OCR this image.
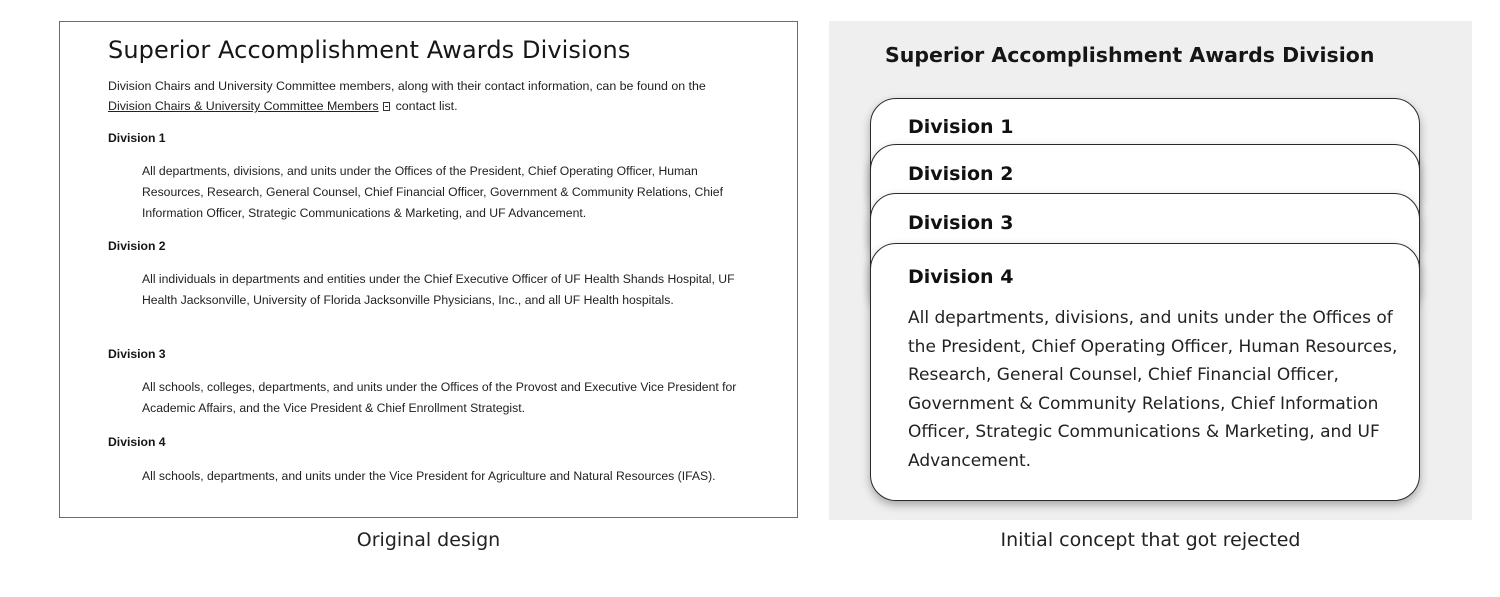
Superior Accomplishment Awards Divisions

Division Chairs and University Committee members, along with their contact information, can be found on the Division Chairs & University Committee Members contact list.

Division 1

All departments, divisions, and units under the Offices of the President, Chief Operating Officer, Human Resources, Research, General Counsel, Chief Financial Officer, Government & Community Relations, Chief Information Officer, Strategic Communications & Marketing, and UF Advancement.

Division 2

All individuals in departments and entities under the Chief Executive Officer of UF Health Shands Hospital, UF Health Jacksonville, University of Florida Jacksonville Physicians, Inc., and all UF Health hospitals.

Division 3

All schools, colleges, departments, and units under the Offices of the Provost and Executive Vice President for Academic Affairs, and the Vice President & Chief Enrollment Strategist.

Division 4

All schools, departments, and units under the Vice President for Agriculture and Natural Resources (IFAS).

Original design

Superior Accomplishment Awards Division
Division 1
Division 2
Division 3
Division 4

All departments, divisions, and units under the Offices of the President, Chief Operating Officer, Human Resources, Research, General Counsel, Chief Financial Officer, Government & Community Relations, Chief Information Officer, Strategic Communications & Marketing, and UF Advancement.

Initial concept that got rejected
